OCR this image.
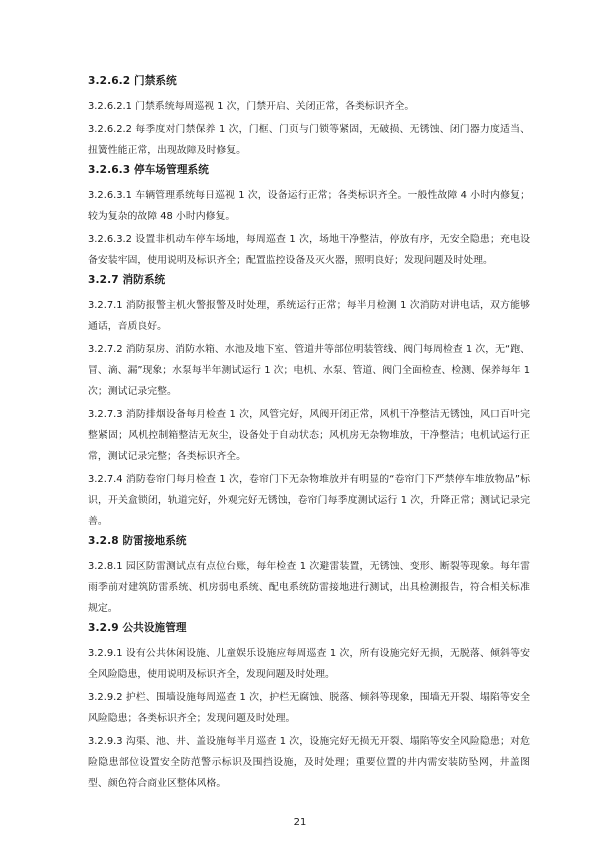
3.2.6.2 门禁系统
3.2.6.2.1 门禁系统每周巡视 1 次，门禁开启、关闭正常，各类标识齐全。
3.2.6.2.2 每季度对门禁保养 1 次，门框、门页与门锁等紧固，无破损、无锈蚀、闭门器力度适当、扭簧性能正常，出现故障及时修复。
3.2.6.3 停车场管理系统
3.2.6.3.1 车辆管理系统每日巡视 1 次，设备运行正常；各类标识齐全。一般性故障 4 小时内修复；较为复杂的故障 48 小时内修复。
3.2.6.3.2 设置非机动车停车场地，每周巡查 1 次，场地干净整洁，停放有序，无安全隐患；充电设备安装牢固，使用说明及标识齐全；配置监控设备及灭火器，照明良好；发现问题及时处理。
3.2.7 消防系统
3.2.7.1 消防报警主机火警报警及时处理，系统运行正常；每半月检测 1 次消防对讲电话，双方能够通话，音质良好。
3.2.7.2 消防泵房、消防水箱、水池及地下室、管道井等部位明装管线、阀门每周检查 1 次，无“跑、冒、滴、漏”现象；水泵每半年测试运行 1 次；电机、水泵、管道、阀门全面检查、检测、保养每年 1 次；测试记录完整。
3.2.7.3 消防排烟设备每月检查 1 次，风管完好，风阀开闭正常，风机干净整洁无锈蚀，风口百叶完整紧固；风机控制箱整洁无灰尘，设备处于自动状态；风机房无杂物堆放，干净整洁；电机试运行正常，测试记录完整；各类标识齐全。
3.2.7.4 消防卷帘门每月检查 1 次，卷帘门下无杂物堆放并有明显的“卷帘门下严禁停车堆放物品”标识，开关盒锁闭，轨道完好，外观完好无锈蚀，卷帘门每季度测试运行 1 次，升降正常；测试记录完善。
3.2.8 防雷接地系统
3.2.8.1 园区防雷测试点有点位台账，每年检查 1 次避雷装置，无锈蚀、变形、断裂等现象。每年雷雨季前对建筑防雷系统、机房弱电系统、配电系统防雷接地进行测试，出具检测报告，符合相关标准规定。
3.2.9 公共设施管理
3.2.9.1 设有公共休闲设施、儿童娱乐设施应每周巡查 1 次，所有设施完好无损，无脱落、倾斜等安全风险隐患，使用说明及标识齐全，发现问题及时处理。
3.2.9.2 护栏、围墙设施每周巡查 1 次，护栏无腐蚀、脱落、倾斜等现象，围墙无开裂、塌陷等安全风险隐患；各类标识齐全；发现问题及时处理。
3.2.9.3 沟渠、池、井、盖设施每半月巡查 1 次，设施完好无损无开裂、塌陷等安全风险隐患；对危险隐患部位设置安全防范警示标识及围挡设施，及时处理；重要位置的井内需安装防坠网，井盖图型、颜色符合商业区整体风格。
21
